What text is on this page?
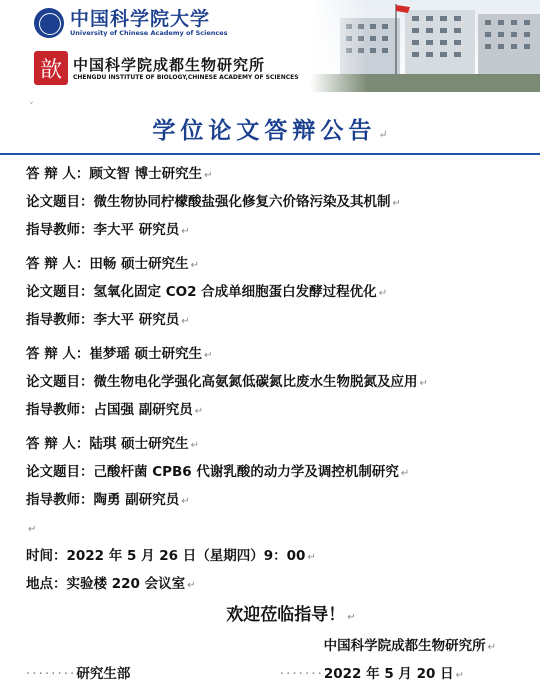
中国科学院大学
University of Chinese Academy of Sciences
歆 中国科学院成都生物研究所
CHENGDU INSTITUTE OF BIOLOGY,CHINESE ACADEMY OF SCIENCES
ᵥ
学位论文答辩公告 ↵
答 辩 人：顾文智 博士研究生 ↵
论文题目：微生物协同柠檬酸盐强化修复六价铬污染及其机制 ↵
指导教师：李大平 研究员 ↵
答 辩 人：田畅 硕士研究生 ↵
论文题目：氢氧化固定 CO2 合成单细胞蛋白发酵过程优化 ↵
指导教师：李大平 研究员 ↵
答 辩 人：崔梦瑶 硕士研究生 ↵
论文题目：微生物电化学强化高氨氮低碳氮比废水生物脱氮及应用 ↵
指导教师：占国强 副研究员 ↵
答 辩 人：陆琪 硕士研究生 ↵
论文题目：己酸杆菌 CPB6 代谢乳酸的动力学及调控机制研究 ↵
指导教师：陶勇 副研究员 ↵
↵
时间：2022 年 5 月 26 日（星期四）9：00 ↵
地点：实验楼 220 会议室 ↵
欢迎莅临指导！ ↵
中国科学院成都生物研究所 ↵
········研究生部	·······2022 年 5 月 20 日 ↵
